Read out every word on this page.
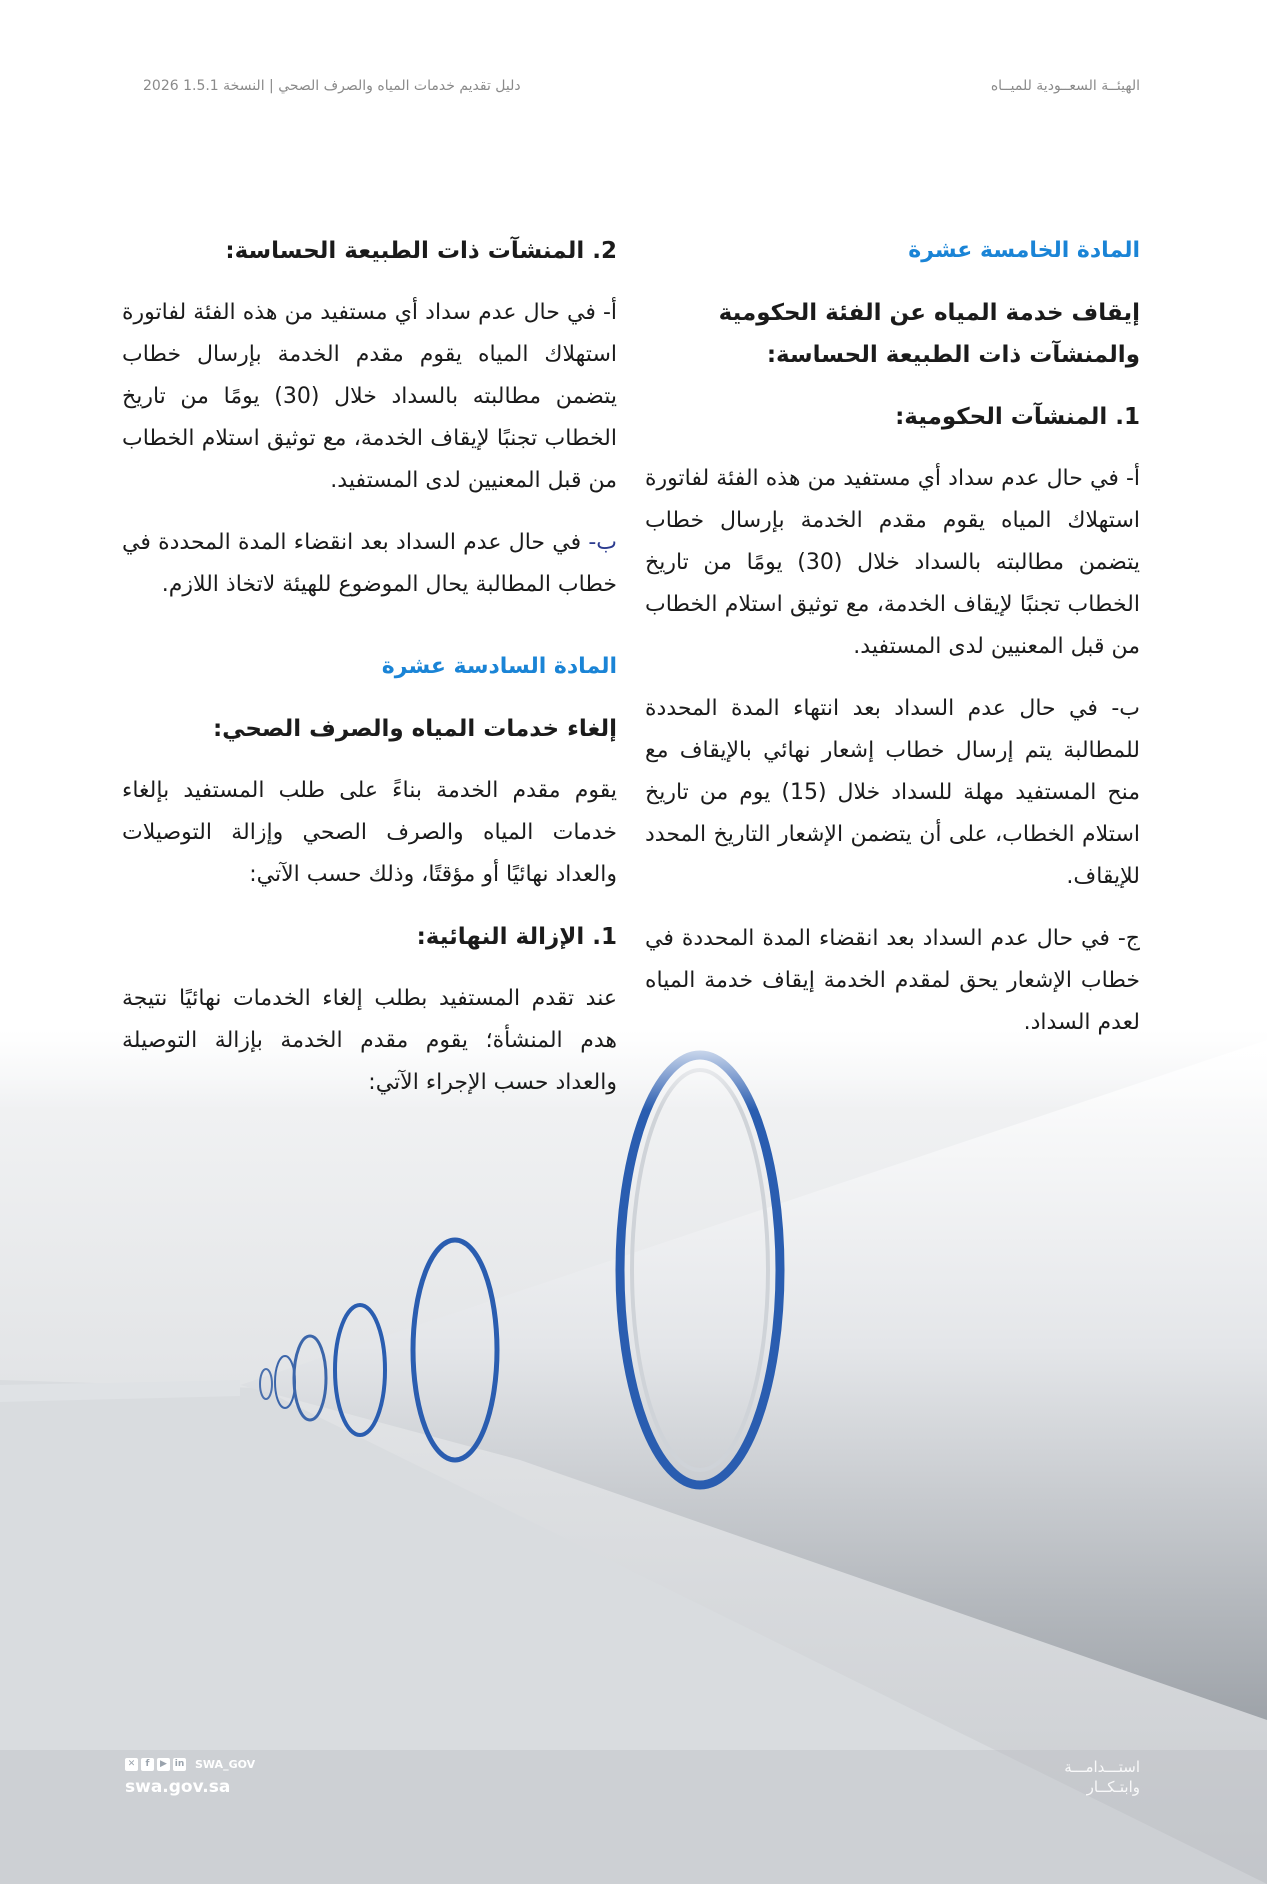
الهيئــة السعــودية للميــاه
دليل تقديم خدمات المياه والصرف الصحي | النسخة 1.5.1 2026

المادة الخامسة عشرة

إيقاف خدمة المياه عن الفئة الحكومية والمنشآت ذات الطبيعة الحساسة:

1. المنشآت الحكومية:

أ- في حال عدم سداد أي مستفيد من هذه الفئة لفاتورة استهلاك المياه يقوم مقدم الخدمة بإرسال خطاب يتضمن مطالبته بالسداد خلال (30) يومًا من تاريخ الخطاب تجنبًا لإيقاف الخدمة، مع توثيق استلام الخطاب من قبل المعنيين لدى المستفيد.

ب- في حال عدم السداد بعد انتهاء المدة المحددة للمطالبة يتم إرسال خطاب إشعار نهائي بالإيقاف مع منح المستفيد مهلة للسداد خلال (15) يوم من تاريخ استلام الخطاب، على أن يتضمن الإشعار التاريخ المحدد للإيقاف.

ج- في حال عدم السداد بعد انقضاء المدة المحددة في خطاب الإشعار يحق لمقدم الخدمة إيقاف خدمة المياه لعدم السداد.

2. المنشآت ذات الطبيعة الحساسة:

أ- في حال عدم سداد أي مستفيد من هذه الفئة لفاتورة استهلاك المياه يقوم مقدم الخدمة بإرسال خطاب يتضمن مطالبته بالسداد خلال (30) يومًا من تاريخ الخطاب تجنبًا لإيقاف الخدمة، مع توثيق استلام الخطاب من قبل المعنيين لدى المستفيد.

ب- في حال عدم السداد بعد انقضاء المدة المحددة في خطاب المطالبة يحال الموضوع للهيئة لاتخاذ اللازم.

المادة السادسة عشرة

إلغاء خدمات المياه والصرف الصحي:

يقوم مقدم الخدمة بناءً على طلب المستفيد بإلغاء خدمات المياه والصرف الصحي وإزالة التوصيلات والعداد نهائيًا أو مؤقتًا، وذلك حسب الآتي:

1. الإزالة النهائية:

عند تقدم المستفيد بطلب إلغاء الخدمات نهائيًا نتيجة هدم المنشأة؛ يقوم مقدم الخدمة بإزالة التوصيلة والعداد حسب الإجراء الآتي:

✕	f	▶ in SWA_GOV
swa.gov.sa
استـــدامـــة
وابتـكــار
